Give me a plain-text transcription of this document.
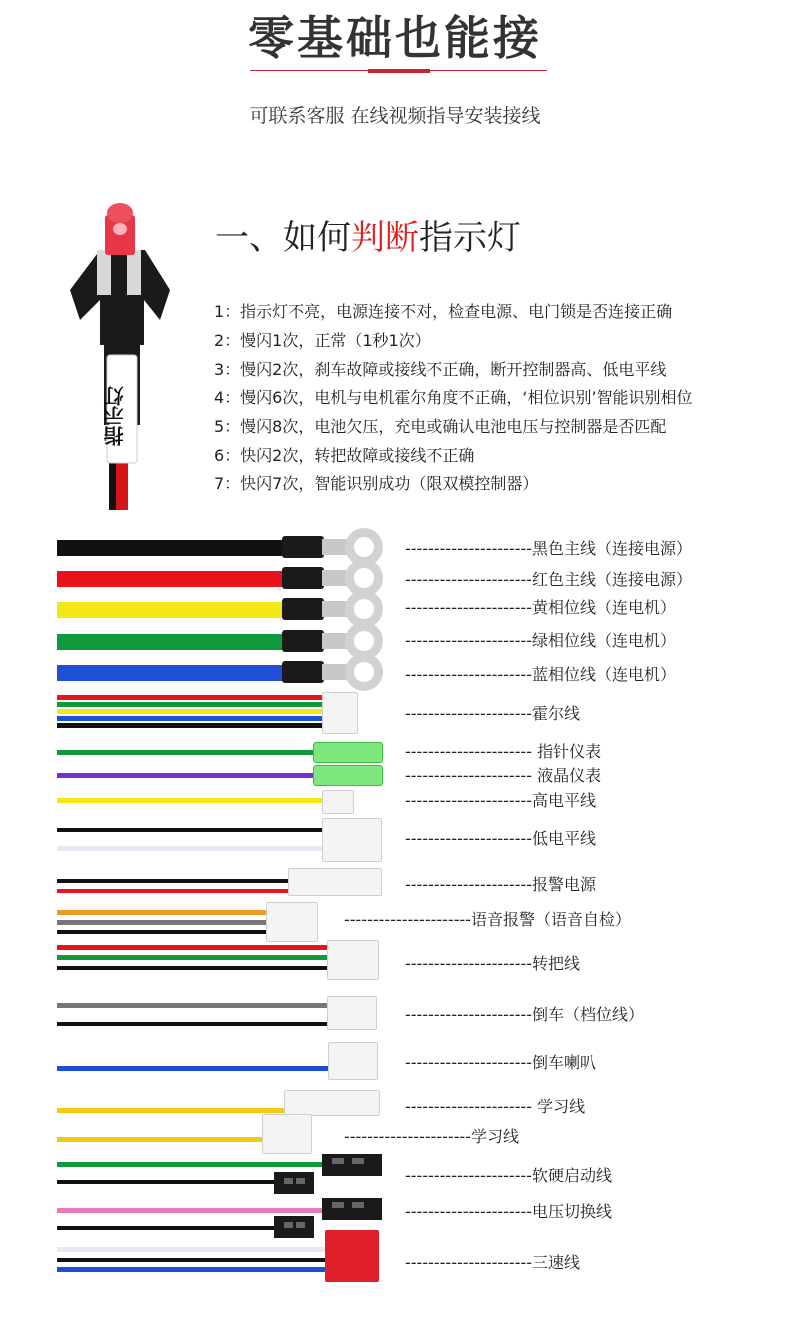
零基础也能接
可联系客服 在线视频指导安装接线
指示灯
一、如何判断指示灯
1：指示灯不亮，电源连接不对，检查电源、电门锁是否连接正确
2：慢闪1次，正常（1秒1次）
3：慢闪2次，刹车故障或接线不正确，断开控制器高、低电平线
4：慢闪6次，电机与电机霍尔角度不正确，‘相位识别’智能识别相位
5：慢闪8次，电池欠压，充电或确认电池电压与控制器是否匹配
6：快闪2次，转把故障或接线不正确
7：快闪7次，智能识别成功（限双模控制器）
----------------------黑色主线（连接电源）
----------------------红色主线（连接电源）
----------------------黄相位线（连电机）
----------------------绿相位线（连电机）
----------------------蓝相位线（连电机）
----------------------霍尔线
---------------------- 指针仪表
---------------------- 液晶仪表
----------------------高电平线
----------------------低电平线
----------------------报警电源
----------------------语音报警（语音自检）
----------------------转把线
----------------------倒车（档位线）
----------------------倒车喇叭
---------------------- 学习线
----------------------学习线
----------------------软硬启动线
----------------------电压切换线
----------------------三速线
